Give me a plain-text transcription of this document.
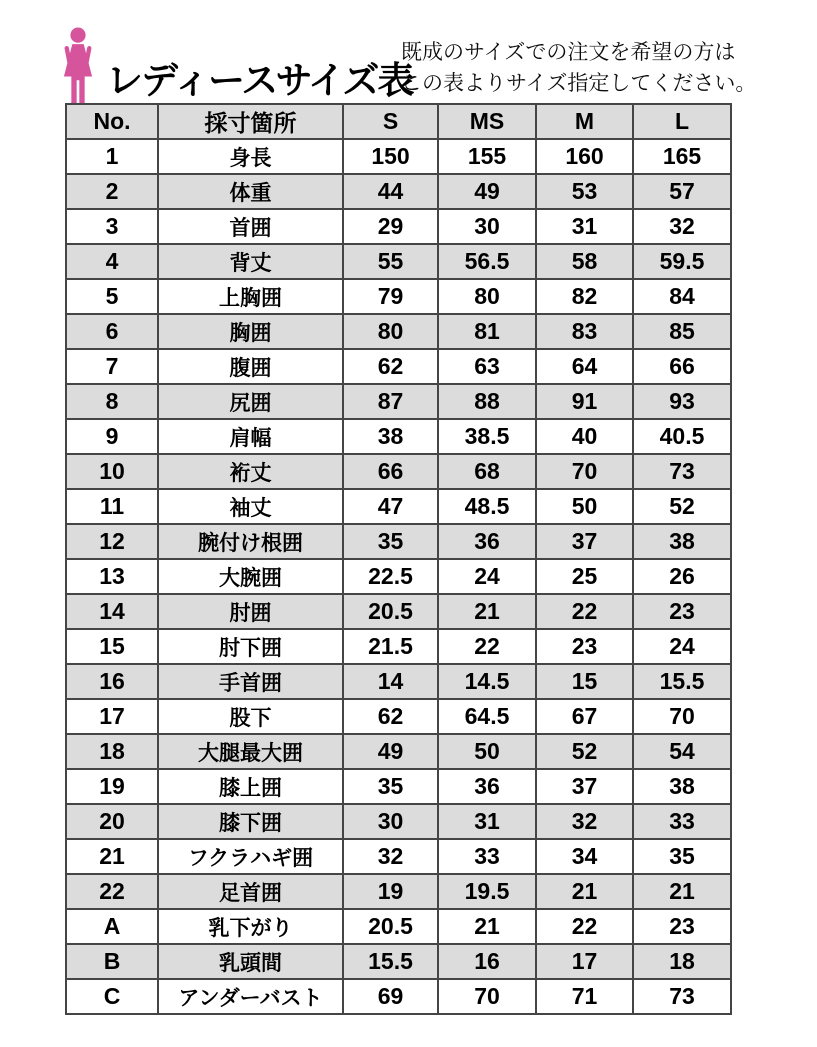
レディースサイズ表
既成のサイズでの注文を希望の方は
この表よりサイズ指定してください。
No.	採寸箇所	S	MS	M	L
1	身長	150	155	160	165
2	体重	44	49	53	57
3	首囲	29	30	31	32
4	背丈	55	56.5	58	59.5
5	上胸囲	79	80	82	84
6	胸囲	80	81	83	85
7	腹囲	62	63	64	66
8	尻囲	87	88	91	93
9	肩幅	38	38.5	40	40.5
10	裄丈	66	68	70	73
11	袖丈	47	48.5	50	52
12	腕付け根囲	35	36	37	38
13	大腕囲	22.5	24	25	26
14	肘囲	20.5	21	22	23
15	肘下囲	21.5	22	23	24
16	手首囲	14	14.5	15	15.5
17	股下	62	64.5	67	70
18	大腿最大囲	49	50	52	54
19	膝上囲	35	36	37	38
20	膝下囲	30	31	32	33
21	フクラハギ囲	32	33	34	35
22	足首囲	19	19.5	21	21
A	乳下がり	20.5	21	22	23
B	乳頭間	15.5	16	17	18
C	アンダーバスト	69	70	71	73
